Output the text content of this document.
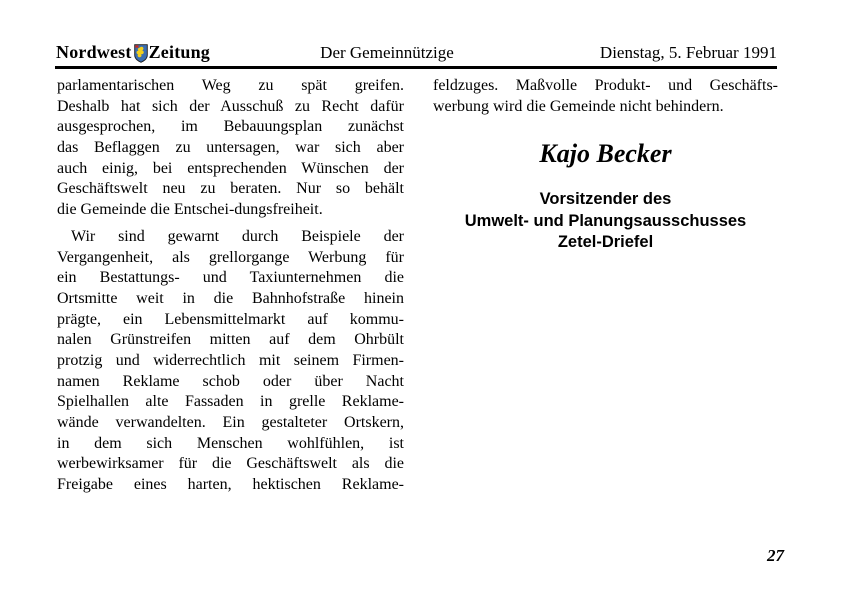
Nordwest Zeitung	Der Gemeinnützige	Dienstag, 5. Februar 1991
parlamentarischen Weg zu spät greifen.
Deshalb hat sich der Ausschuß zu Recht dafür
ausgesprochen, im Bebauungsplan zunächst
das Beflaggen zu untersagen, war sich aber
auch einig, bei entsprechenden Wünschen der
Geschäftswelt neu zu beraten. Nur so behält
die Gemeinde die Entschei-dungsfreiheit.
Wir sind gewarnt durch Beispiele der
Vergangenheit, als grellorgange Werbung für
ein Bestattungs- und Taxiunternehmen die
Ortsmitte weit in die Bahnhofstraße hinein
prägte, ein Lebensmittelmarkt auf kommu-
nalen Grünstreifen mitten auf dem Ohrbült
protzig und widerrechtlich mit seinem Firmen-
namen Reklame schob oder über Nacht
Spielhallen alte Fassaden in grelle Reklame-
wände verwandelten. Ein gestalteter Ortskern,
in dem sich Menschen wohlfühlen, ist
werbewirksamer für die Geschäftswelt als die
Freigabe eines harten, hektischen Reklame-
feldzuges. Maßvolle Produkt- und Geschäfts-
werbung wird die Gemeinde nicht behindern.
Kajo Becker
Vorsitzender des
Umwelt- und Planungsausschusses
Zetel-Driefel
27
